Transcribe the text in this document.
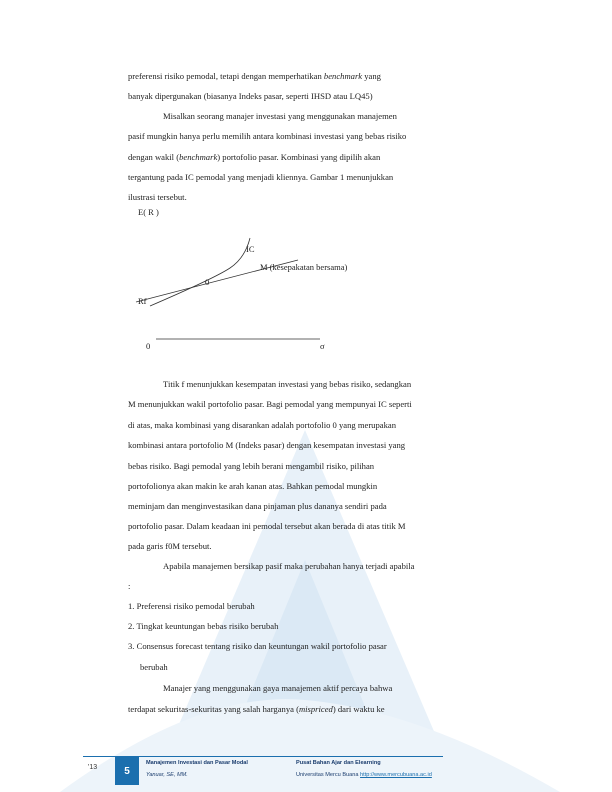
preferensi risiko pemodal, tetapi dengan memperhatikan benchmark yang
banyak dipergunakan (biasanya Indeks pasar, seperti IHSD atau LQ45)
Misalkan seorang manajer investasi yang menggunakan manajemen
pasif mungkin hanya perlu memilih antara kombinasi investasi yang bebas risiko
dengan wakil (benchmark) portofolio pasar. Kombinasi yang dipilih akan
tergantung pada IC pemodal yang menjadi kliennya. Gambar 1 menunjukkan
ilustrasi tersebut.
E( R )
IC
M (kesepakatan bersama)
0
Rf
0	σ
Titik f menunjukkan kesempatan investasi yang bebas risiko, sedangkan
M menunjukkan wakil portofolio pasar. Bagi pemodal yang mempunyai IC seperti
di atas, maka kombinasi yang disarankan adalah portofolio 0 yang merupakan
kombinasi antara portofolio M (Indeks pasar) dengan kesempatan investasi yang
bebas risiko. Bagi pemodal yang lebih berani mengambil risiko, pilihan
portofolionya akan makin ke arah kanan atas. Bahkan pemodal mungkin
meminjam dan menginvestasikan dana pinjaman plus dananya sendiri pada
portofolio pasar. Dalam keadaan ini pemodal tersebut akan berada di atas titik M
pada garis f0M tersebut.
Apabila manajemen bersikap pasif maka perubahan hanya terjadi apabila
:
1. Preferensi risiko pemodal berubah
2. Tingkat keuntungan bebas risiko berubah
3. Consensus forecast tentang risiko dan keuntungan wakil portofolio pasar
berubah
Manajer yang menggunakan gaya manajemen aktif percaya bahwa
terdapat sekuritas-sekuritas yang salah harganya (mispriced) dari waktu ke
'13	5
Manajemen Investasi dan Pasar Modal
Yanuar, SE, MM.
Pusat Bahan Ajar dan Elearning
Universitas Mercu Buana http://www.mercubuana.ac.id
